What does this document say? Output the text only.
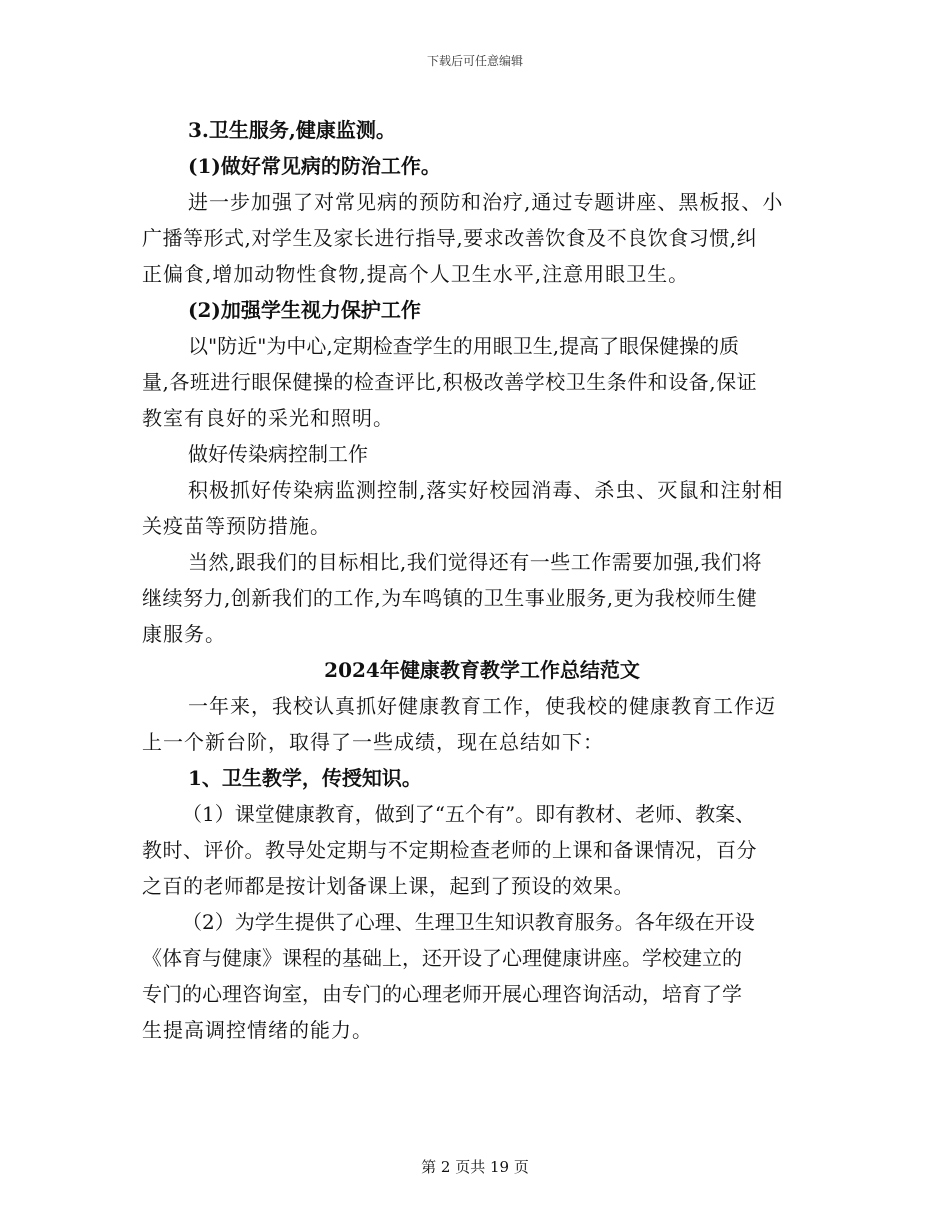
下载后可任意编辑
3.卫生服务,健康监测。
(1)做好常见病的防治工作。
进一步加强了对常见病的预防和治疗,通过专题讲座、黑板报、小
广播等形式,对学生及家长进行指导,要求改善饮食及不良饮食习惯,纠
正偏食,增加动物性食物,提高个人卫生水平,注意用眼卫生。
(2)加强学生视力保护工作
以"防近"为中心,定期检查学生的用眼卫生,提高了眼保健操的质
量,各班进行眼保健操的检查评比,积极改善学校卫生条件和设备,保证
教室有良好的采光和照明。
做好传染病控制工作
积极抓好传染病监测控制,落实好校园消毒、杀虫、灭鼠和注射相
关疫苗等预防措施。
当然,跟我们的目标相比,我们觉得还有一些工作需要加强,我们将
继续努力,创新我们的工作,为车鸣镇的卫生事业服务,更为我校师生健
康服务。
2024年健康教育教学工作总结范文
一年来，我校认真抓好健康教育工作，使我校的健康教育工作迈
上一个新台阶，取得了一些成绩，现在总结如下：
1、卫生教学，传授知识。
（1）课堂健康教育，做到了“五个有”。即有教材、老师、教案、
教时、评价。教导处定期与不定期检查老师的上课和备课情况，百分
之百的老师都是按计划备课上课，起到了预设的效果。
（2）为学生提供了心理、生理卫生知识教育服务。各年级在开设
《体育与健康》课程的基础上，还开设了心理健康讲座。学校建立的
专门的心理咨询室，由专门的心理老师开展心理咨询活动，培育了学
生提高调控情绪的能力。
第 2 页共 19 页
